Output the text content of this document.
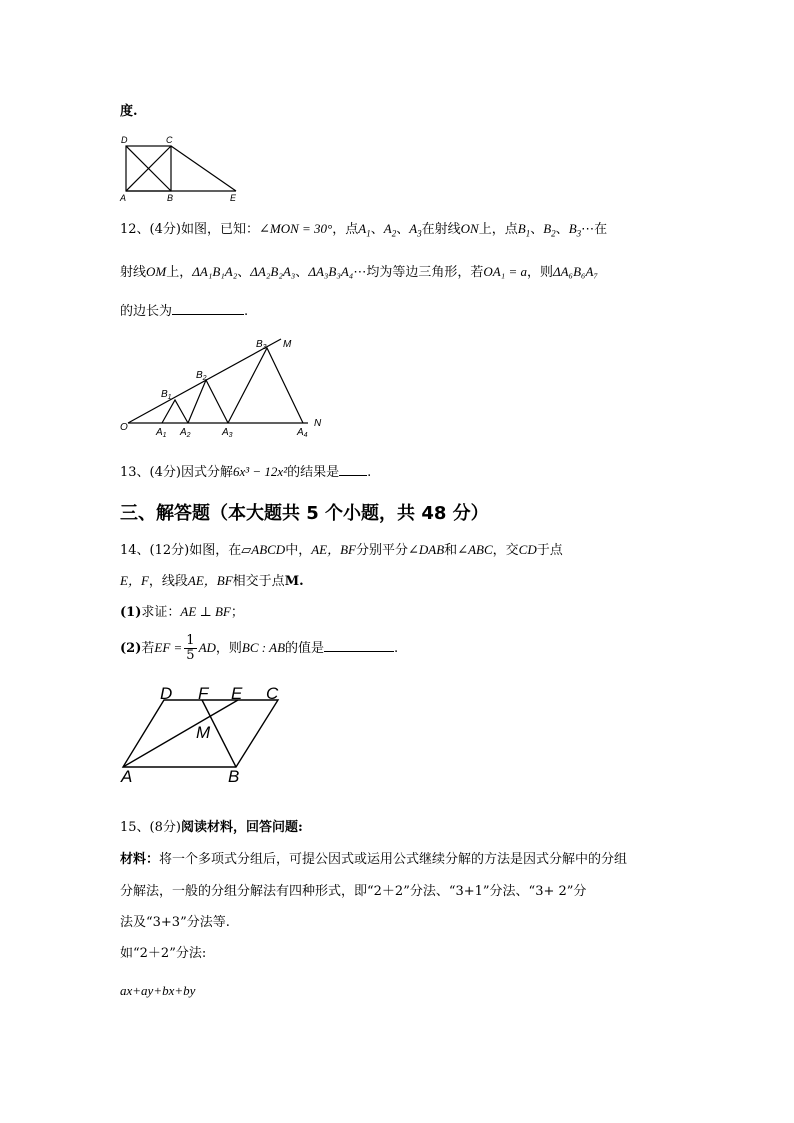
度.
D	C
A	B	E
12、(4分)如图，已知：∠MON = 30°，点$A_1$、$A_2$、$A_3$在射线ON上，点$B_1$、$B_2$、$B_3\cdots$在
射线OM上，ΔA₁B₁A₂、ΔA₂B₂A₃、ΔA₃B₃A₄⋯均为等边三角形，若OA₁ = a，则ΔA₆B₆A₇
的边长为	.
O
M
N
$B_1$
$B_2$
$B_3$
$A_1$ $A_2$	$A_3$	$A_4$
13、(4分)因式分解6x³ − 12x²的结果是 .
三、解答题（本大题共 5 个小题，共 48 分）
14、(12分)如图，在▱ABCD中，AE，BF分别平分∠DAB和∠ABC，交CD于点
E，F，线段AE，BF相交于点M.
(1)求证：AE ⊥ BF；
(2)若EF = $\frac{1}{5}$ AD，则BC : AB的值是	.
D F E C
M
A	B
15、(8分)阅读材料，回答问题:
材料：将一个多项式分组后，可提公因式或运用公式继续分解的方法是因式分解中的分组
分解法，一般的分组分解法有四种形式，即“2＋2”分法、“3+1”分法、“3+ 2”分
法及“3+3”分法等.
如“2＋2”分法:
ax+ay+bx+by
